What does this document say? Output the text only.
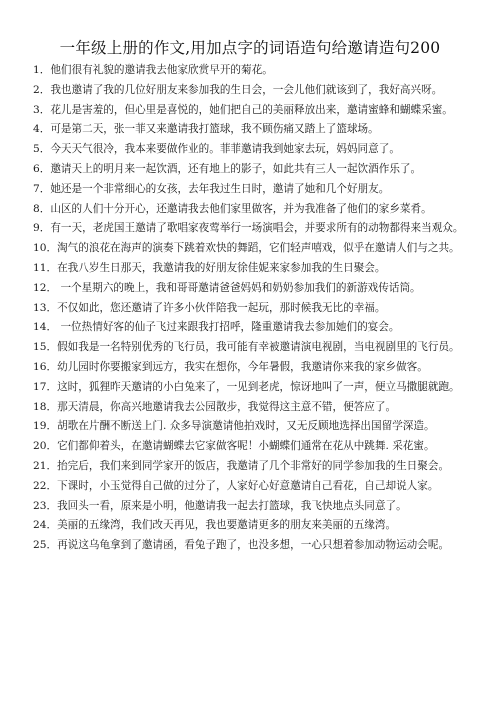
一年级上册的作文,用加点字的词语造句给邀请造句200
1．他们很有礼貌的邀请我去他家欣赏早开的菊花。
2．我也邀请了我的几位好朋友来参加我的生日会，一会儿他们就该到了，我好高兴呀。
3．花儿是害羞的，但心里是喜悦的，她们把自己的美丽释放出来，邀请蜜蜂和蝴蝶采蜜。
4．可是第二天，张一菲又来邀请我打篮球，我不顾伤痛又踏上了篮球场。
5．今天天气很冷，我本来要做作业的。菲菲邀请我到她家去玩，妈妈同意了。
6．邀请天上的明月来一起饮酒，还有地上的影子，如此共有三人一起饮酒作乐了。
7．她还是一个非常细心的女孩，去年我过生日时，邀请了她和几个好朋友。
8．山区的人们十分开心，还邀请我去他们家里做客，并为我准备了他们的家乡菜肴。
9．有一天，老虎国王邀请了歌唱家夜莺举行一场演唱会，并要求所有的动物都得来当观众。
10．淘气的浪花在海声的演奏下跳着欢快的舞蹈，它们轻声嘻戏，似乎在邀请人们与之共。
11．在我八岁生日那天，我邀请我的好朋友徐佳妮来家参加我的生日聚会。
12． 一个星期六的晚上，我和哥哥邀请爸爸妈妈和奶奶参加我们的新游戏传话筒。
13．不仅如此，您还邀请了许多小伙伴陪我一起玩，那时候我无比的幸福。
14． 一位热情好客的仙子飞过来跟我打招呼，隆重邀请我去参加她们的宴会。
15．假如我是一名特别优秀的飞行员，我可能有幸被邀请演电视剧，当电视剧里的飞行员。
16．幼儿园时你要搬家到远方，我实在想你，今年暑假，我邀请你来我的家乡做客。
17．这时，狐狸昨天邀请的小白兔来了，一见到老虎，惊讶地叫了一声，便立马撒腿就跑。
18．那天清晨，你高兴地邀请我去公园散步，我觉得这主意不错，便答应了。
19．胡歌在片酬不断送上门. 众多导演邀请他拍戏时，又无反顾地选择出国留学深造。
20．它们都仰着头，在邀请蝴蝶去它家做客呢！小蝴蝶们通常在花从中跳舞. 采花蜜。
21．抬完后，我们来到同学家开的饭店，我邀请了几个非常好的同学参加我的生日聚会。
22．下课时，小玉觉得自己做的过分了，人家好心好意邀请自己看花，自己却说人家。
23．我回头一看，原来是小明，他邀请我一起去打篮球，我飞快地点头同意了。
24．美丽的五缘湾，我们改天再见，我也要邀请更多的朋友来美丽的五缘湾。
25．再说这乌龟拿到了邀请函，看兔子跑了，也没多想，一心只想着参加动物运动会呢。
